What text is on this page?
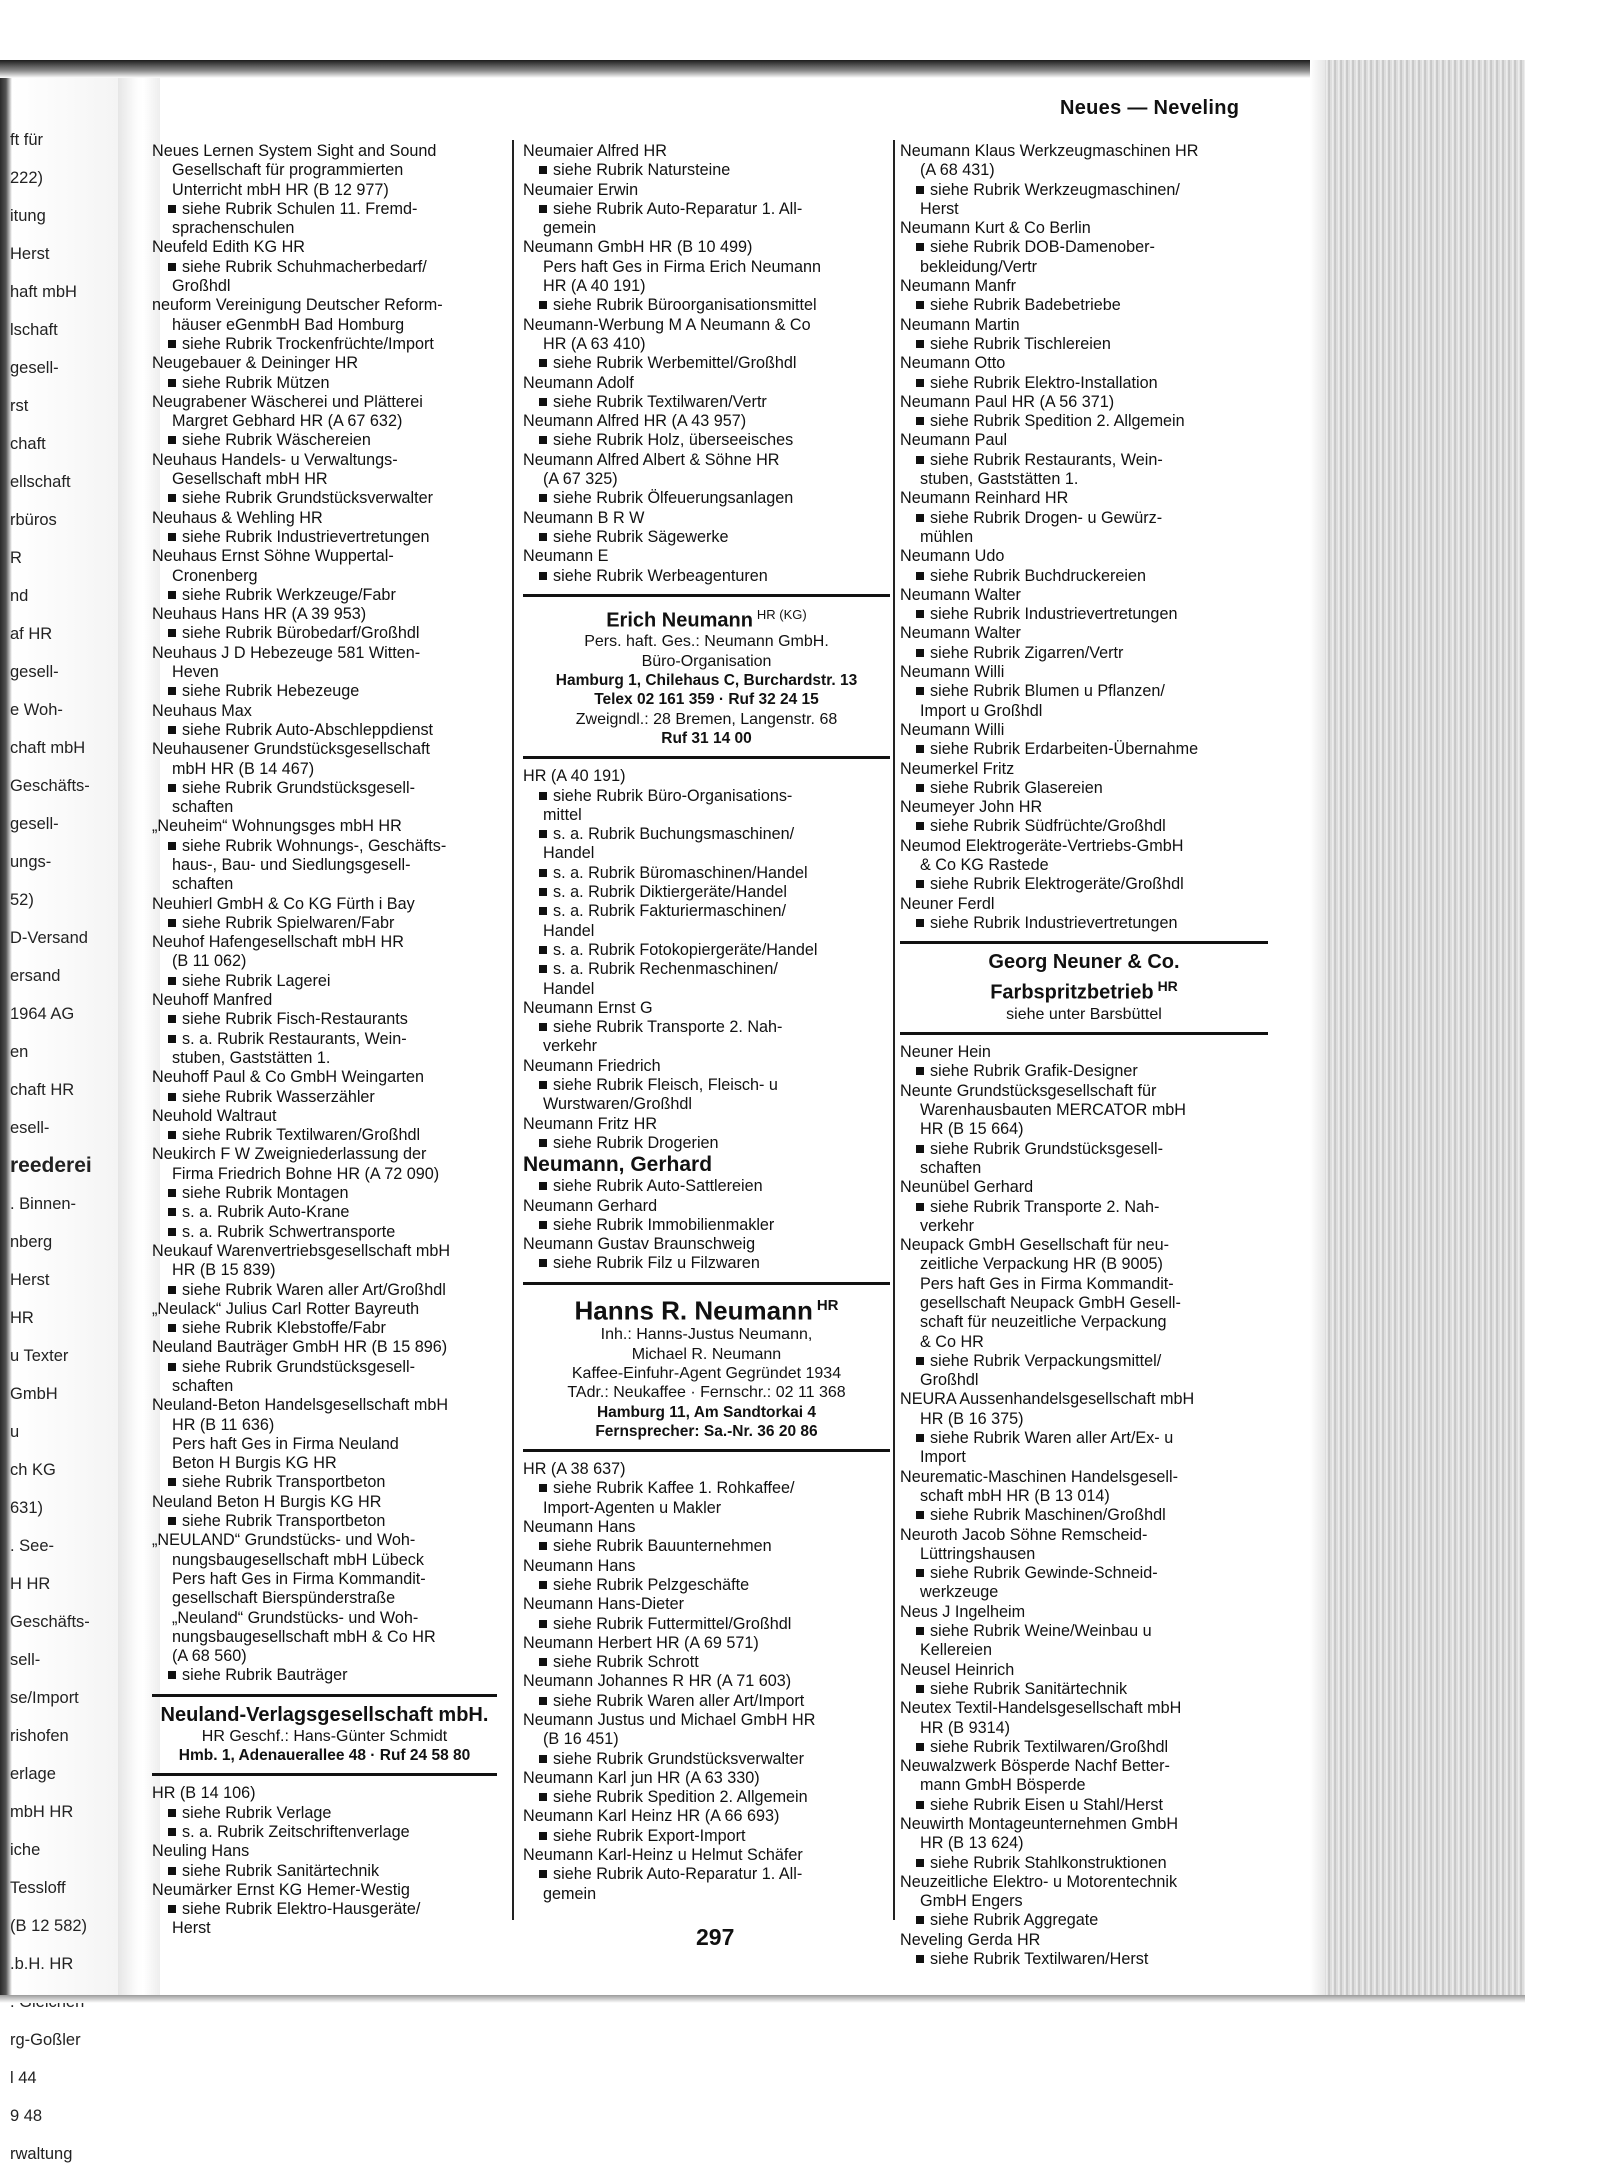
ft für
222)
itung
Herst
haft mbH
lschaft
gesell-
rst
chaft
ellschaft
rbüros
R
nd
af HR
gesell-
e Woh-
chaft mbH
Geschäfts-
gesell-
ungs-
52)
D-Versand
ersand
1964 AG
en
chaft HR
esell-
reederei
. Binnen-
nberg
Herst
HR
u Texter
GmbH
u
ch KG
631)
. See-
H HR
Geschäfts-
sell-
se/Import
rishofen
erlage
mbH HR
iche
Tessloff
(B 12 582)
.b.H. HR
rg-Goßler
l 44
9 48
rwaltung
Neues — Neveling
Neues Lernen System Sight and Sound
Gesellschaft für programmierten
Unterricht mbH HR (B 12 977)
siehe Rubrik Schulen 11. Fremd-
sprachenschulen
Neufeld Edith KG HR
siehe Rubrik Schuhmacherbedarf/
Großhdl
neuform Vereinigung Deutscher Reform-
häuser eGenmbH Bad Homburg
siehe Rubrik Trockenfrüchte/Import
Neugebauer & Deininger HR
siehe Rubrik Mützen
Neugrabener Wäscherei und Plätterei
Margret Gebhard HR (A 67 632)
siehe Rubrik Wäschereien
Neuhaus Handels- u Verwaltungs-
Gesellschaft mbH HR
siehe Rubrik Grundstücksverwalter
Neuhaus & Wehling HR
siehe Rubrik Industrievertretungen
Neuhaus Ernst Söhne Wuppertal-
Cronenberg
siehe Rubrik Werkzeuge/Fabr
Neuhaus Hans HR (A 39 953)
siehe Rubrik Bürobedarf/Großhdl
Neuhaus J D Hebezeuge 581 Witten-
Heven
siehe Rubrik Hebezeuge
Neuhaus Max
siehe Rubrik Auto-Abschleppdienst
Neuhausener Grundstücksgesellschaft
mbH HR (B 14 467)
siehe Rubrik Grundstücksgesell-
schaften
„Neuheim“ Wohnungsges mbH HR
siehe Rubrik Wohnungs-, Geschäfts-
haus-, Bau- und Siedlungsgesell-
schaften
Neuhierl GmbH & Co KG Fürth i Bay
siehe Rubrik Spielwaren/Fabr
Neuhof Hafengesellschaft mbH HR
(B 11 062)
siehe Rubrik Lagerei
Neuhoff Manfred
siehe Rubrik Fisch-Restaurants
s. a. Rubrik Restaurants, Wein-
stuben, Gaststätten 1.
Neuhoff Paul & Co GmbH Weingarten
siehe Rubrik Wasserzähler
Neuhold Waltraut
siehe Rubrik Textilwaren/Großhdl
Neukirch F W Zweigniederlassung der
Firma Friedrich Bohne HR (A 72 090)
siehe Rubrik Montagen
s. a. Rubrik Auto-Krane
s. a. Rubrik Schwertransporte
Neukauf Warenvertriebsgesellschaft mbH
HR (B 15 839)
siehe Rubrik Waren aller Art/Großhdl
„Neulack“ Julius Carl Rotter Bayreuth
siehe Rubrik Klebstoffe/Fabr
Neuland Bauträger GmbH HR (B 15 896)
siehe Rubrik Grundstücksgesell-
schaften
Neuland-Beton Handelsgesellschaft mbH
HR (B 11 636)
Pers haft Ges in Firma Neuland
Beton H Burgis KG HR
siehe Rubrik Transportbeton
Neuland Beton H Burgis KG HR
siehe Rubrik Transportbeton
„NEULAND“ Grundstücks- und Woh-
nungsbaugesellschaft mbH Lübeck
Pers haft Ges in Firma Kommandit-
gesellschaft Bierspünderstraße
„Neuland“ Grundstücks- und Woh-
nungsbaugesellschaft mbH & Co HR
(A 68 560)
siehe Rubrik Bauträger
Neuland-Verlagsgesellschaft mbH.
HR Geschf.: Hans-Günter Schmidt
Hmb. 1, Adenauerallee 48 · Ruf 24 58 80
HR (B 14 106)
siehe Rubrik Verlage
s. a. Rubrik Zeitschriftenverlage
Neuling Hans
siehe Rubrik Sanitärtechnik
Neumärker Ernst KG Hemer-Westig
siehe Rubrik Elektro-Hausgeräte/
Herst
Neumaier Alfred HR
siehe Rubrik Natursteine
Neumaier Erwin
siehe Rubrik Auto-Reparatur 1. All-
gemein
Neumann GmbH HR (B 10 499)
Pers haft Ges in Firma Erich Neumann
HR (A 40 191)
siehe Rubrik Büroorganisationsmittel
Neumann-Werbung M A Neumann & Co
HR (A 63 410)
siehe Rubrik Werbemittel/Großhdl
Neumann Adolf
siehe Rubrik Textilwaren/Vertr
Neumann Alfred HR (A 43 957)
siehe Rubrik Holz, überseeisches
Neumann Alfred Albert & Söhne HR
(A 67 325)
siehe Rubrik Ölfeuerungsanlagen
Neumann B R W
siehe Rubrik Sägewerke
Neumann E
siehe Rubrik Werbeagenturen
Erich Neumann $^{HR (KG)}$
Pers. haft. Ges.: Neumann GmbH.
Büro-Organisation
Hamburg 1, Chilehaus C, Burchardstr. 13
Telex 02 161 359 · Ruf 32 24 15
Zweigndl.: 28 Bremen, Langenstr. 68
Ruf 31 14 00
HR (A 40 191)
siehe Rubrik Büro-Organisations-
mittel
s. a. Rubrik Buchungsmaschinen/
Handel
s. a. Rubrik Büromaschinen/Handel
s. a. Rubrik Diktiergeräte/Handel
s. a. Rubrik Fakturiermaschinen/
Handel
s. a. Rubrik Fotokopiergeräte/Handel
s. a. Rubrik Rechenmaschinen/
Handel
Neumann Ernst G
siehe Rubrik Transporte 2. Nah-
verkehr
Neumann Friedrich
siehe Rubrik Fleisch, Fleisch- u
Wurstwaren/Großhdl
Neumann Fritz HR
siehe Rubrik Drogerien
Neumann, Gerhard
siehe Rubrik Auto-Sattlereien
Neumann Gerhard
siehe Rubrik Immobilienmakler
Neumann Gustav Braunschweig
siehe Rubrik Filz u Filzwaren
Hanns R. Neumann $^{HR}$
Inh.: Hanns-Justus Neumann,
Michael R. Neumann
Kaffee-Einfuhr-Agent Gegründet 1934
TAdr.: Neukaffee · Fernschr.: 02 11 368
Hamburg 11, Am Sandtorkai 4
Fernsprecher: Sa.-Nr. 36 20 86
HR (A 38 637)
siehe Rubrik Kaffee 1. Rohkaffee/
Import-Agenten u Makler
Neumann Hans
siehe Rubrik Bauunternehmen
Neumann Hans
siehe Rubrik Pelzgeschäfte
Neumann Hans-Dieter
siehe Rubrik Futtermittel/Großhdl
Neumann Herbert HR (A 69 571)
siehe Rubrik Schrott
Neumann Johannes R HR (A 71 603)
siehe Rubrik Waren aller Art/Import
Neumann Justus und Michael GmbH HR
(B 16 451)
siehe Rubrik Grundstücksverwalter
Neumann Karl jun HR (A 63 330)
siehe Rubrik Spedition 2. Allgemein
Neumann Karl Heinz HR (A 66 693)
siehe Rubrik Export-Import
Neumann Karl-Heinz u Helmut Schäfer
siehe Rubrik Auto-Reparatur 1. All-
gemein
Neumann Klaus Werkzeugmaschinen HR
(A 68 431)
siehe Rubrik Werkzeugmaschinen/
Herst
Neumann Kurt & Co Berlin
siehe Rubrik DOB-Damenober-
bekleidung/Vertr
Neumann Manfr
siehe Rubrik Badebetriebe
Neumann Martin
siehe Rubrik Tischlereien
Neumann Otto
siehe Rubrik Elektro-Installation
Neumann Paul HR (A 56 371)
siehe Rubrik Spedition 2. Allgemein
Neumann Paul
siehe Rubrik Restaurants, Wein-
stuben, Gaststätten 1.
Neumann Reinhard HR
siehe Rubrik Drogen- u Gewürz-
mühlen
Neumann Udo
siehe Rubrik Buchdruckereien
Neumann Walter
siehe Rubrik Industrievertretungen
Neumann Walter
siehe Rubrik Zigarren/Vertr
Neumann Willi
siehe Rubrik Blumen u Pflanzen/
Import u Großhdl
Neumann Willi
siehe Rubrik Erdarbeiten-Übernahme
Neumerkel Fritz
siehe Rubrik Glasereien
Neumeyer John HR
siehe Rubrik Südfrüchte/Großhdl
Neumod Elektrogeräte-Vertriebs-GmbH
& Co KG Rastede
siehe Rubrik Elektrogeräte/Großhdl
Neuner Ferdl
siehe Rubrik Industrievertretungen
Georg Neuner & Co.
Farbspritzbetrieb $^{HR}$
siehe unter Barsbüttel
Neuner Hein
siehe Rubrik Grafik-Designer
Neunte Grundstücksgesellschaft für
Warenhausbauten MERCATOR mbH
HR (B 15 664)
siehe Rubrik Grundstücksgesell-
schaften
Neunübel Gerhard
siehe Rubrik Transporte 2. Nah-
verkehr
Neupack GmbH Gesellschaft für neu-
zeitliche Verpackung HR (B 9005)
Pers haft Ges in Firma Kommandit-
gesellschaft Neupack GmbH Gesell-
schaft für neuzeitliche Verpackung
& Co HR
siehe Rubrik Verpackungsmittel/
Großhdl
NEURA Aussenhandelsgesellschaft mbH
HR (B 16 375)
siehe Rubrik Waren aller Art/Ex- u
Import
Neurematic-Maschinen Handelsgesell-
schaft mbH HR (B 13 014)
siehe Rubrik Maschinen/Großhdl
Neuroth Jacob Söhne Remscheid-
Lüttringshausen
siehe Rubrik Gewinde-Schneid-
werkzeuge
Neus J Ingelheim
siehe Rubrik Weine/Weinbau u
Kellereien
Neusel Heinrich
siehe Rubrik Sanitärtechnik
Neutex Textil-Handelsgesellschaft mbH
HR (B 9314)
siehe Rubrik Textilwaren/Großhdl
Neuwalzwerk Bösperde Nachf Better-
mann GmbH Bösperde
siehe Rubrik Eisen u Stahl/Herst
Neuwirth Montageunternehmen GmbH
HR (B 13 624)
siehe Rubrik Stahlkonstruktionen
Neuzeitliche Elektro- u Motorentechnik
GmbH Engers
siehe Rubrik Aggregate
Neveling Gerda HR
siehe Rubrik Textilwaren/Herst
297
